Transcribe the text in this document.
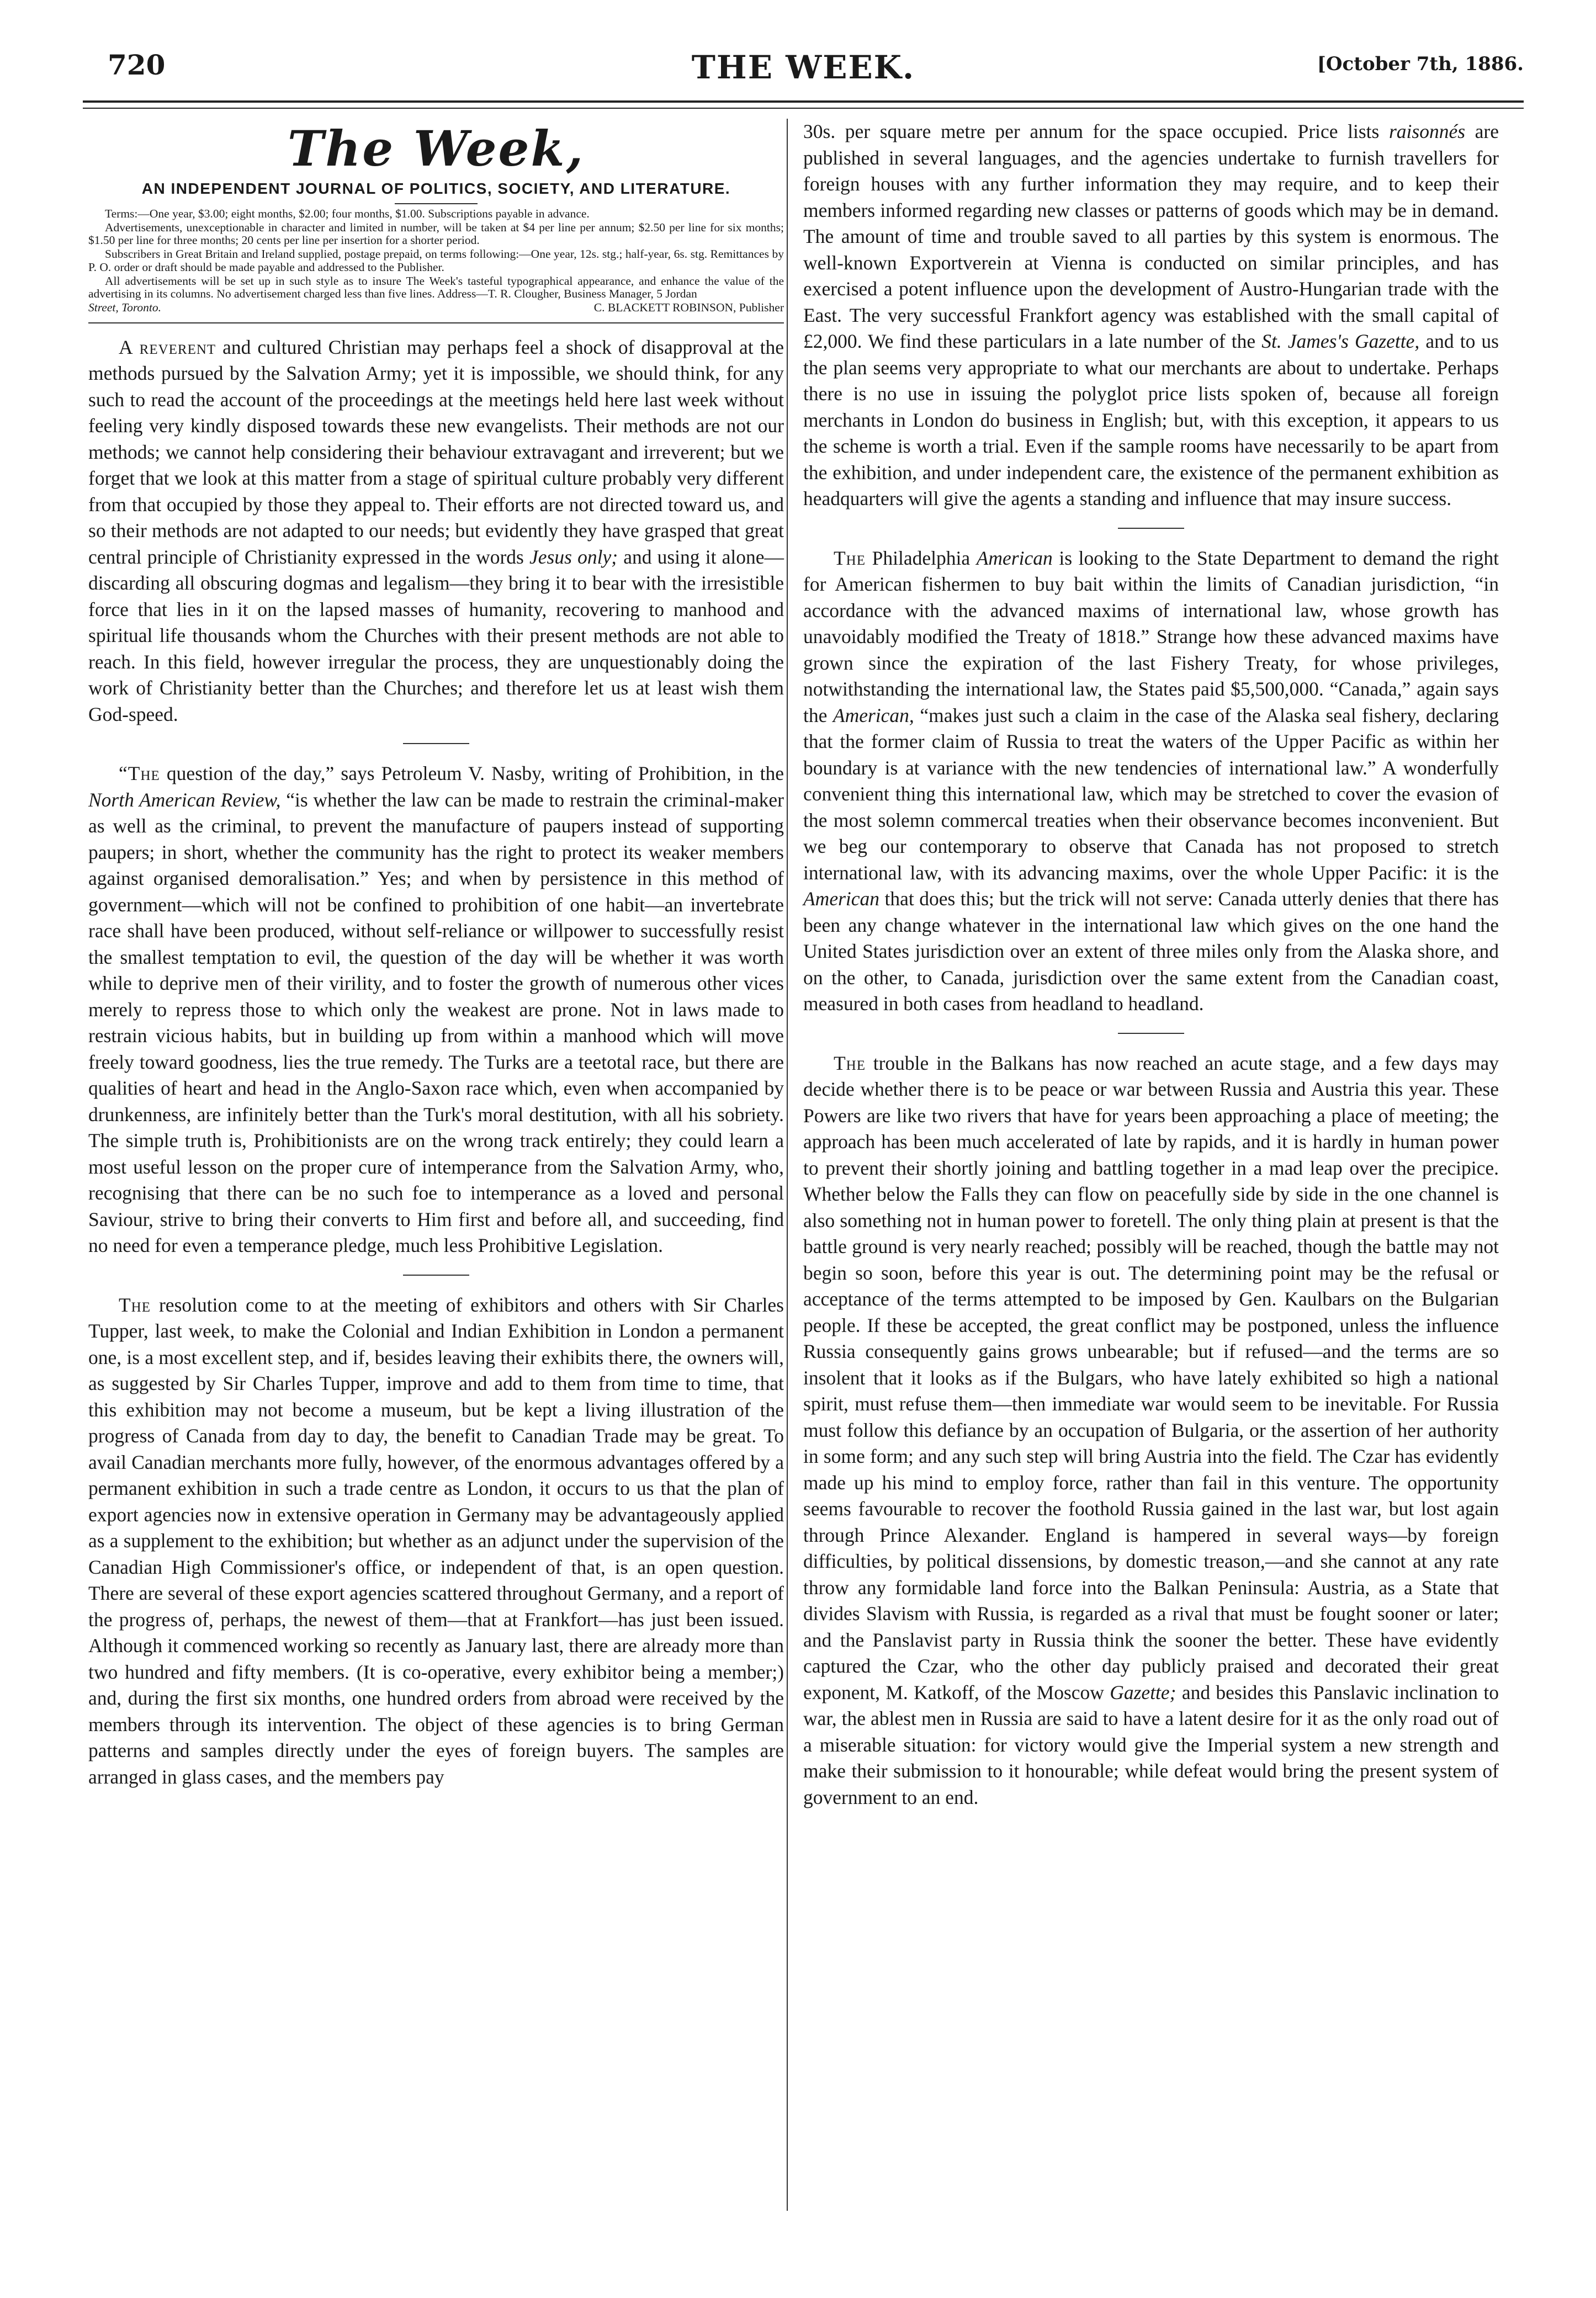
720	THE WEEK.	[October 7th, 1886.
The Week,
AN INDEPENDENT JOURNAL OF POLITICS, SOCIETY, AND LITERATURE.

Terms:—One year, $3.00; eight months, $2.00; four months, $1.00. Subscriptions payable in advance.

Advertisements, unexceptionable in character and limited in number, will be taken at $4 per line per annum; $2.50 per line for six months; $1.50 per line for three months; 20 cents per line per insertion for a shorter period.

Subscribers in Great Britain and Ireland supplied, postage prepaid, on terms following:—One year, 12s. stg.; half-year, 6s. stg. Remittances by P. O. order or draft should be made payable and addressed to the Publisher.

All advertisements will be set up in such style as to insure The Week's tasteful typographical appearance, and enhance the value of the advertising in its columns. No advertisement charged less than five lines. Address—T. R. Clougher, Business Manager, 5 Jordan

Street, Toronto.	C. BLACKETT ROBINSON, Publisher

A reverent and cultured Christian may perhaps feel a shock of disapproval at the methods pursued by the Salvation Army; yet it is impossible, we should think, for any such to read the account of the proceedings at the meetings held here last week without feeling very kindly disposed towards these new evangelists. Their methods are not our methods; we cannot help considering their behaviour extravagant and irreverent; but we forget that we look at this matter from a stage of spiritual culture probably very different from that occupied by those they appeal to. Their efforts are not directed toward us, and so their methods are not adapted to our needs; but evidently they have grasped that great central principle of Christianity expressed in the words Jesus only; and using it alone—discarding all obscuring dogmas and legalism—they bring it to bear with the irresistible force that lies in it on the lapsed masses of humanity, recovering to manhood and spiritual life thousands whom the Churches with their present methods are not able to reach. In this field, however irregular the process, they are unquestionably doing the work of Christianity better than the Churches; and therefore let us at least wish them God-speed.

“The question of the day,” says Petroleum V. Nasby, writing of Prohibition, in the North American Review, “is whether the law can be made to restrain the criminal-maker as well as the criminal, to prevent the manufacture of paupers instead of supporting paupers; in short, whether the community has the right to protect its weaker members against organised demoralisation.” Yes; and when by persistence in this method of government—which will not be confined to prohibition of one habit—an invertebrate race shall have been produced, without self-reliance or willpower to successfully resist the smallest temptation to evil, the question of the day will be whether it was worth while to deprive men of their virility, and to foster the growth of numerous other vices merely to repress those to which only the weakest are prone. Not in laws made to restrain vicious habits, but in building up from within a manhood which will move freely toward goodness, lies the true remedy. The Turks are a teetotal race, but there are qualities of heart and head in the Anglo-Saxon race which, even when accompanied by drunkenness, are infinitely better than the Turk's moral destitution, with all his sobriety. The simple truth is, Prohibitionists are on the wrong track entirely; they could learn a most useful lesson on the proper cure of intemperance from the Salvation Army, who, recognising that there can be no such foe to intemperance as a loved and personal Saviour, strive to bring their converts to Him first and before all, and succeeding, find no need for even a temperance pledge, much less Prohibitive Legislation.

The resolution come to at the meeting of exhibitors and others with Sir Charles Tupper, last week, to make the Colonial and Indian Exhibition in London a permanent one, is a most excellent step, and if, besides leaving their exhibits there, the owners will, as suggested by Sir Charles Tupper, improve and add to them from time to time, that this exhibition may not become a museum, but be kept a living illustration of the progress of Canada from day to day, the benefit to Canadian Trade may be great. To avail Canadian merchants more fully, however, of the enormous advantages offered by a permanent exhibition in such a trade centre as London, it occurs to us that the plan of export agencies now in extensive operation in Germany may be advantageously applied as a supplement to the exhibition; but whether as an adjunct under the supervision of the Canadian High Commissioner's office, or independent of that, is an open question. There are several of these export agencies scattered throughout Germany, and a report of the progress of, perhaps, the newest of them—that at Frankfort—has just been issued. Although it commenced working so recently as January last, there are already more than two hundred and fifty members. (It is co-operative, every exhibitor being a member;) and, during the first six months, one hundred orders from abroad were received by the members through its intervention. The object of these agencies is to bring German patterns and samples directly under the eyes of foreign buyers. The samples are arranged in glass cases, and the members pay

30s. per square metre per annum for the space occupied. Price lists raisonnés are published in several languages, and the agencies undertake to furnish travellers for foreign houses with any further information they may require, and to keep their members informed regarding new classes or patterns of goods which may be in demand. The amount of time and trouble saved to all parties by this system is enormous. The well-known Exportverein at Vienna is conducted on similar principles, and has exercised a potent influence upon the development of Austro-Hungarian trade with the East. The very successful Frankfort agency was established with the small capital of £2,000. We find these particulars in a late number of the St. James's Gazette, and to us the plan seems very appropriate to what our merchants are about to undertake. Perhaps there is no use in issuing the polyglot price lists spoken of, because all foreign merchants in London do business in English; but, with this exception, it appears to us the scheme is worth a trial. Even if the sample rooms have necessarily to be apart from the exhibition, and under independent care, the existence of the permanent exhibition as headquarters will give the agents a standing and influence that may insure success.

The Philadelphia American is looking to the State Department to demand the right for American fishermen to buy bait within the limits of Canadian jurisdiction, “in accordance with the advanced maxims of international law, whose growth has unavoidably modified the Treaty of 1818.” Strange how these advanced maxims have grown since the expiration of the last Fishery Treaty, for whose privileges, notwithstanding the international law, the States paid $5,500,000. “Canada,” again says the American, “makes just such a claim in the case of the Alaska seal fishery, declaring that the former claim of Russia to treat the waters of the Upper Pacific as within her boundary is at variance with the new tendencies of international law.” A wonderfully convenient thing this international law, which may be stretched to cover the evasion of the most solemn commercal treaties when their observance becomes inconvenient. But we beg our contemporary to observe that Canada has not proposed to stretch international law, with its advancing maxims, over the whole Upper Pacific: it is the American that does this; but the trick will not serve: Canada utterly denies that there has been any change whatever in the international law which gives on the one hand the United States jurisdiction over an extent of three miles only from the Alaska shore, and on the other, to Canada, jurisdiction over the same extent from the Canadian coast, measured in both cases from headland to headland.

The trouble in the Balkans has now reached an acute stage, and a few days may decide whether there is to be peace or war between Russia and Austria this year. These Powers are like two rivers that have for years been approaching a place of meeting; the approach has been much accelerated of late by rapids, and it is hardly in human power to prevent their shortly joining and battling together in a mad leap over the precipice. Whether below the Falls they can flow on peacefully side by side in the one channel is also something not in human power to foretell. The only thing plain at present is that the battle ground is very nearly reached; possibly will be reached, though the battle may not begin so soon, before this year is out. The determining point may be the refusal or acceptance of the terms attempted to be imposed by Gen. Kaulbars on the Bulgarian people. If these be accepted, the great conflict may be postponed, unless the influence Russia consequently gains grows unbearable; but if refused—and the terms are so insolent that it looks as if the Bulgars, who have lately exhibited so high a national spirit, must refuse them—then immediate war would seem to be inevitable. For Russia must follow this defiance by an occupation of Bulgaria, or the assertion of her authority in some form; and any such step will bring Austria into the field. The Czar has evidently made up his mind to employ force, rather than fail in this venture. The opportunity seems favourable to recover the foothold Russia gained in the last war, but lost again through Prince Alexander. England is hampered in several ways—by foreign difficulties, by political dissensions, by domestic treason,—and she cannot at any rate throw any formidable land force into the Balkan Peninsula: Austria, as a State that divides Slavism with Russia, is regarded as a rival that must be fought sooner or later; and the Panslavist party in Russia think the sooner the better. These have evidently captured the Czar, who the other day publicly praised and decorated their great exponent, M. Katkoff, of the Moscow Gazette; and besides this Panslavic inclination to war, the ablest men in Russia are said to have a latent desire for it as the only road out of a miserable situation: for victory would give the Imperial system a new strength and make their submission to it honourable; while defeat would bring the present system of government to an end.
